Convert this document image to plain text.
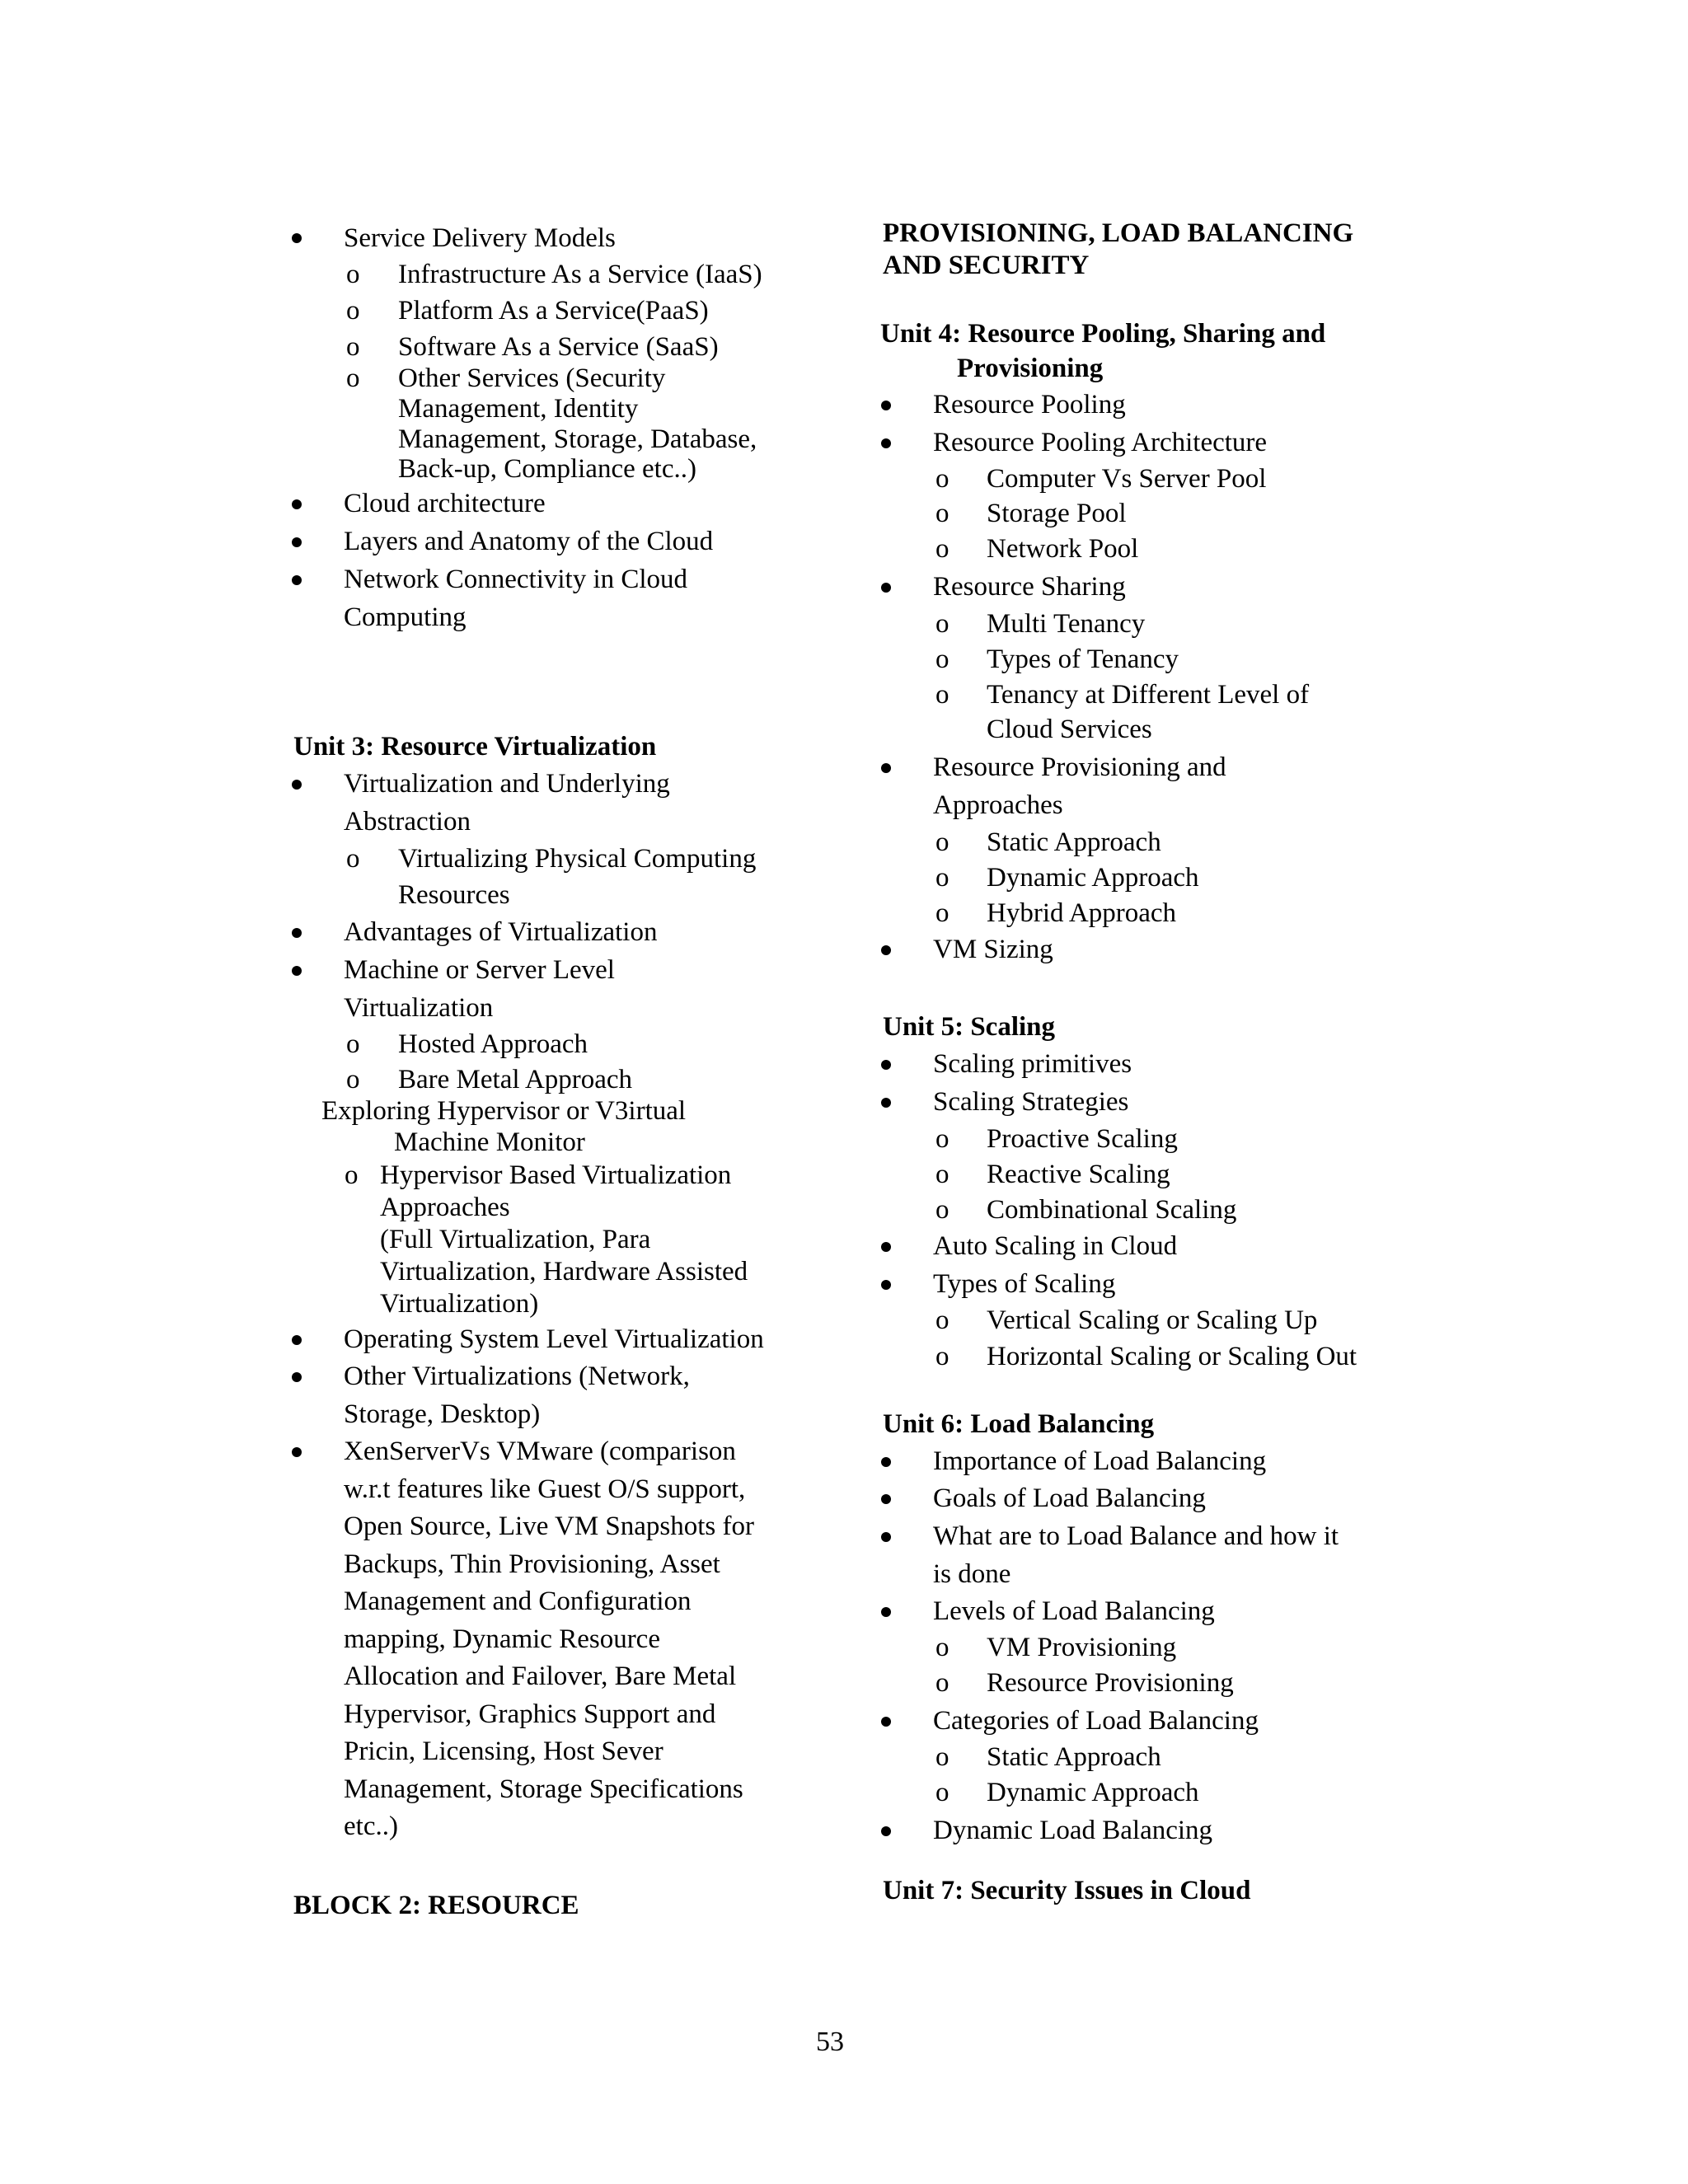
Service Delivery Models
o Infrastructure As a Service (IaaS)
o Platform As a Service(PaaS)
o Software As a Service (SaaS)
o Other Services (Security
Management, Identity
Management, Storage, Database,
Back-up, Compliance etc..)
Cloud architecture
Layers and Anatomy of the Cloud
Network Connectivity in Cloud
Computing
Unit 3: Resource Virtualization
Virtualization and Underlying
Abstraction
o Virtualizing Physical Computing
Resources
Advantages of Virtualization
Machine or Server Level
Virtualization
o Hosted Approach
o Bare Metal Approach
Exploring Hypervisor or V3irtual
Machine Monitor
o Hypervisor Based Virtualization
Approaches
(Full Virtualization, Para
Virtualization, Hardware Assisted
Virtualization)
Operating System Level Virtualization
Other Virtualizations (Network,
Storage, Desktop)
XenServerVs VMware (comparison
w.r.t features like Guest O/S support,
Open Source, Live VM Snapshots for
Backups, Thin Provisioning, Asset
Management and Configuration
mapping, Dynamic Resource
Allocation and Failover, Bare Metal
Hypervisor, Graphics Support and
Pricin, Licensing, Host Sever
Management, Storage Specifications
etc..)
BLOCK 2: RESOURCE
PROVISIONING, LOAD BALANCING
AND SECURITY
Unit 4: Resource Pooling, Sharing and
Provisioning
Resource Pooling
Resource Pooling Architecture
o Computer Vs Server Pool
o Storage Pool
o Network Pool
Resource Sharing
o Multi Tenancy
o Types of Tenancy
o Tenancy at Different Level of
Cloud Services
Resource Provisioning and
Approaches
o Static Approach
o Dynamic Approach
o Hybrid Approach
VM Sizing
Unit 5: Scaling
Scaling primitives
Scaling Strategies
o Proactive Scaling
o Reactive Scaling
o Combinational Scaling
Auto Scaling in Cloud
Types of Scaling
o Vertical Scaling or Scaling Up
o Horizontal Scaling or Scaling Out
Unit 6: Load Balancing
Importance of Load Balancing
Goals of Load Balancing
What are to Load Balance and how it
is done
Levels of Load Balancing
o VM Provisioning
o Resource Provisioning
Categories of Load Balancing
o Static Approach
o Dynamic Approach
Dynamic Load Balancing
Unit 7: Security Issues in Cloud
53
